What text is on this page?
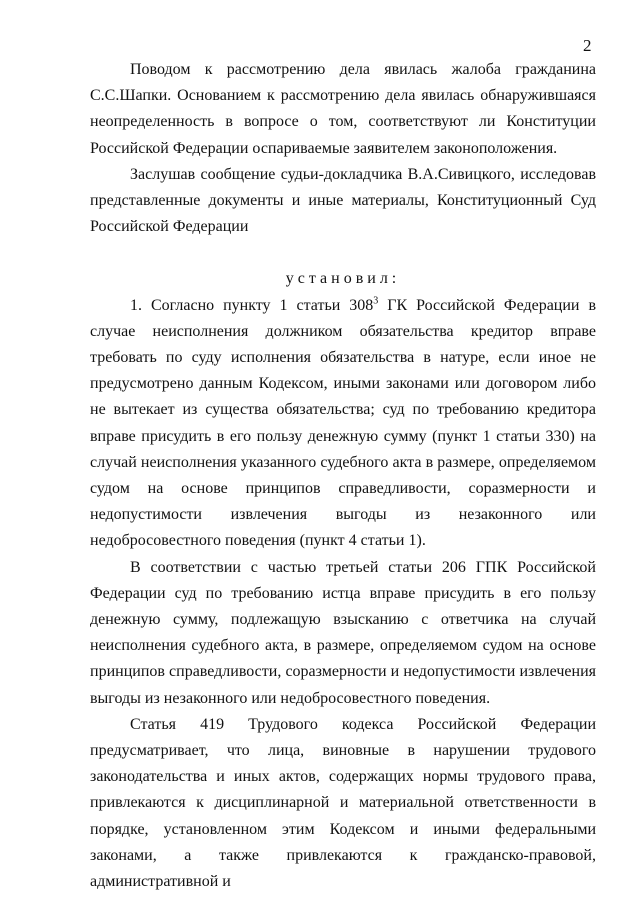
2

Поводом к рассмотрению дела явилась жалоба гражданина С.С.Шапки. Основанием к рассмотрению дела явилась обнаружившаяся неопределенность в вопросе о том, соответствуют ли Конституции Российской Федерации оспариваемые заявителем законоположения.

Заслушав сообщение судьи-докладчика В.А.Сивицкого, исследовав представленные документы и иные материалы, Конституционный Суд Российской Федерации

установил:

1. Согласно пункту 1 статьи $308^3$ ГК Российской Федерации в случае неисполнения должником обязательства кредитор вправе требовать по суду исполнения обязательства в натуре, если иное не предусмотрено данным Кодексом, иными законами или договором либо не вытекает из существа обязательства; суд по требованию кредитора вправе присудить в его пользу денежную сумму (пункт 1 статьи 330) на случай неисполнения указанного судебного акта в размере, определяемом судом на основе принципов справедливости, соразмерности и недопустимости извлечения выгоды из незаконного или недобросовестного поведения (пункт 4 статьи 1).

В соответствии с частью третьей статьи 206 ГПК Российской Федерации суд по требованию истца вправе присудить в его пользу денежную сумму, подлежащую взысканию с ответчика на случай неисполнения судебного акта, в размере, определяемом судом на основе принципов справедливости, соразмерности и недопустимости извлечения выгоды из незаконного или недобросовестного поведения.

Статья 419 Трудового кодекса Российской Федерации предусматривает, что лица, виновные в нарушении трудового законодательства и иных актов, содержащих нормы трудового права, привлекаются к дисциплинарной и материальной ответственности в порядке, установленном этим Кодексом и иными федеральными законами, а также привлекаются к гражданско-правовой, административной и
